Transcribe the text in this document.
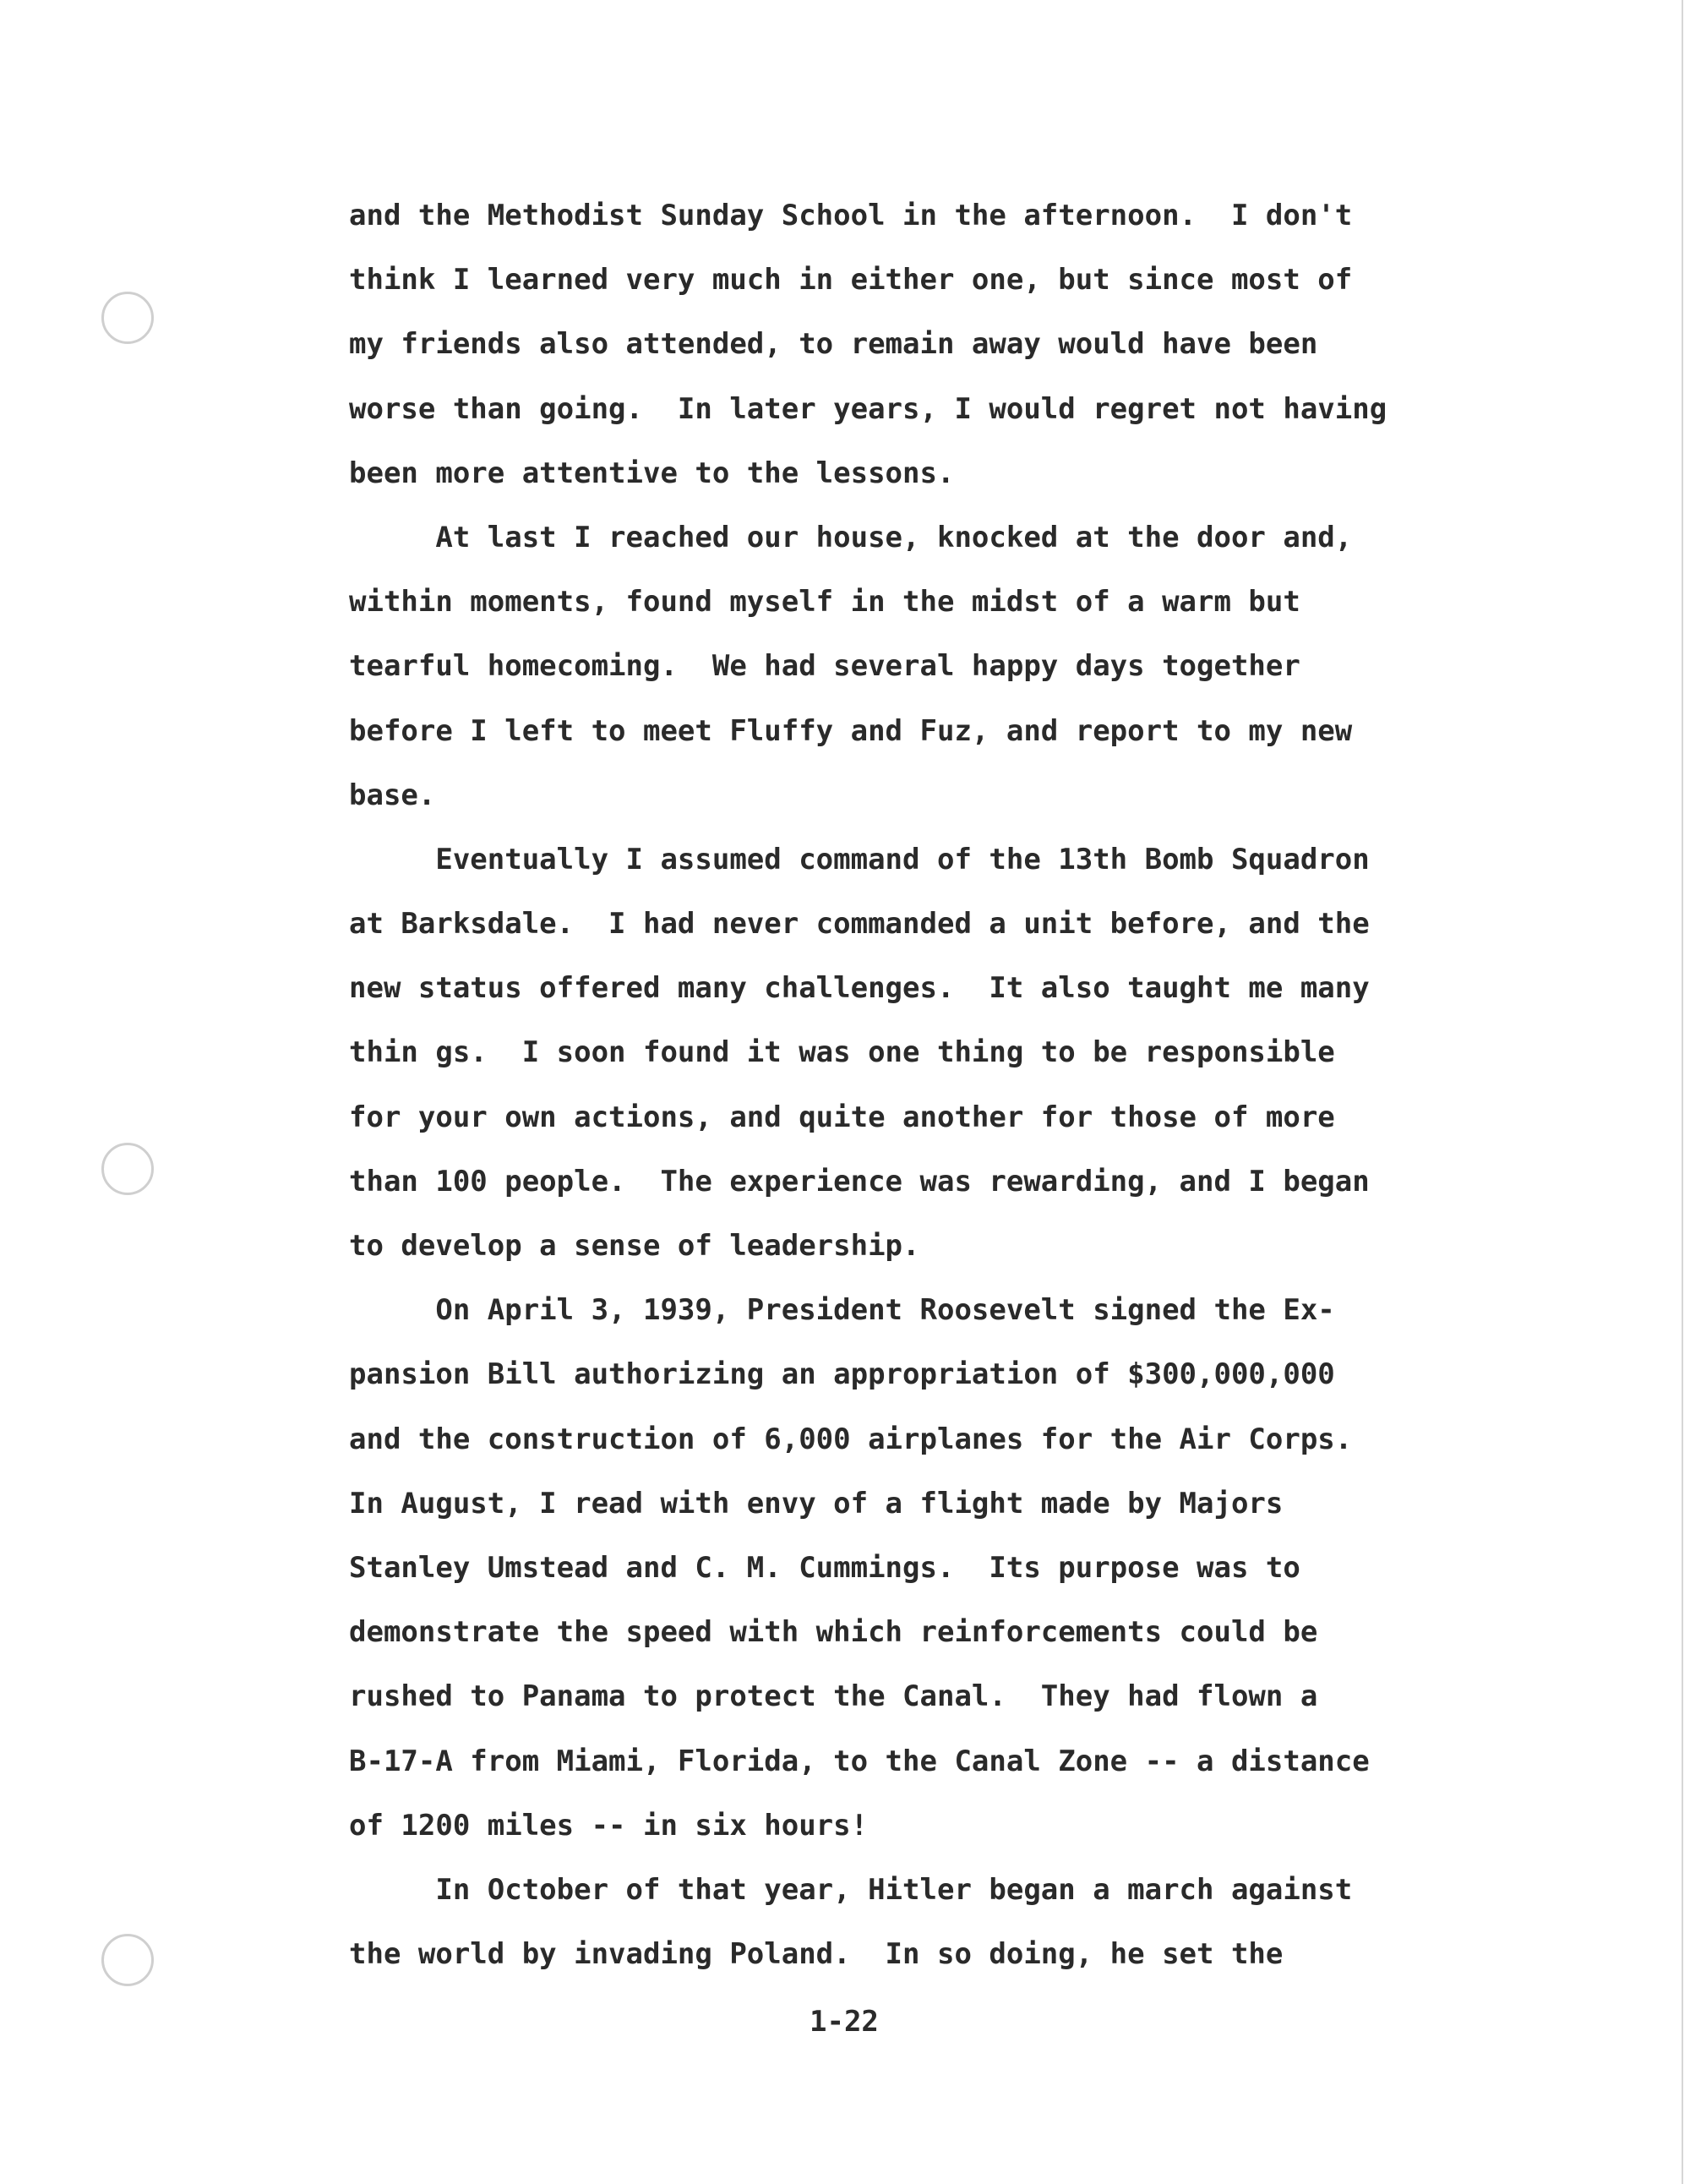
and the Methodist Sunday School in the afternoon.  I don't
think I learned very much in either one, but since most of
my friends also attended, to remain away would have been
worse than going.  In later years, I would regret not having
been more attentive to the lessons.
At last I reached our house, knocked at the door and,
within moments, found myself in the midst of a warm but
tearful homecoming.  We had several happy days together
before I left to meet Fluffy and Fuz, and report to my new
base.
Eventually I assumed command of the 13th Bomb Squadron
at Barksdale.  I had never commanded a unit before, and the
new status offered many challenges.  It also taught me many
thin gs.  I soon found it was one thing to be responsible
for your own actions, and quite another for those of more
than 100 people.  The experience was rewarding, and I began
to develop a sense of leadership.
On April 3, 1939, President Roosevelt signed the Ex-
pansion Bill authorizing an appropriation of $300,000,000
and the construction of 6,000 airplanes for the Air Corps.
In August, I read with envy of a flight made by Majors
Stanley Umstead and C. M. Cummings.  Its purpose was to
demonstrate the speed with which reinforcements could be
rushed to Panama to protect the Canal.  They had flown a
B-17-A from Miami, Florida, to the Canal Zone -- a distance
of 1200 miles -- in six hours!
In October of that year, Hitler began a march against
the world by invading Poland.  In so doing, he set the
1-22
